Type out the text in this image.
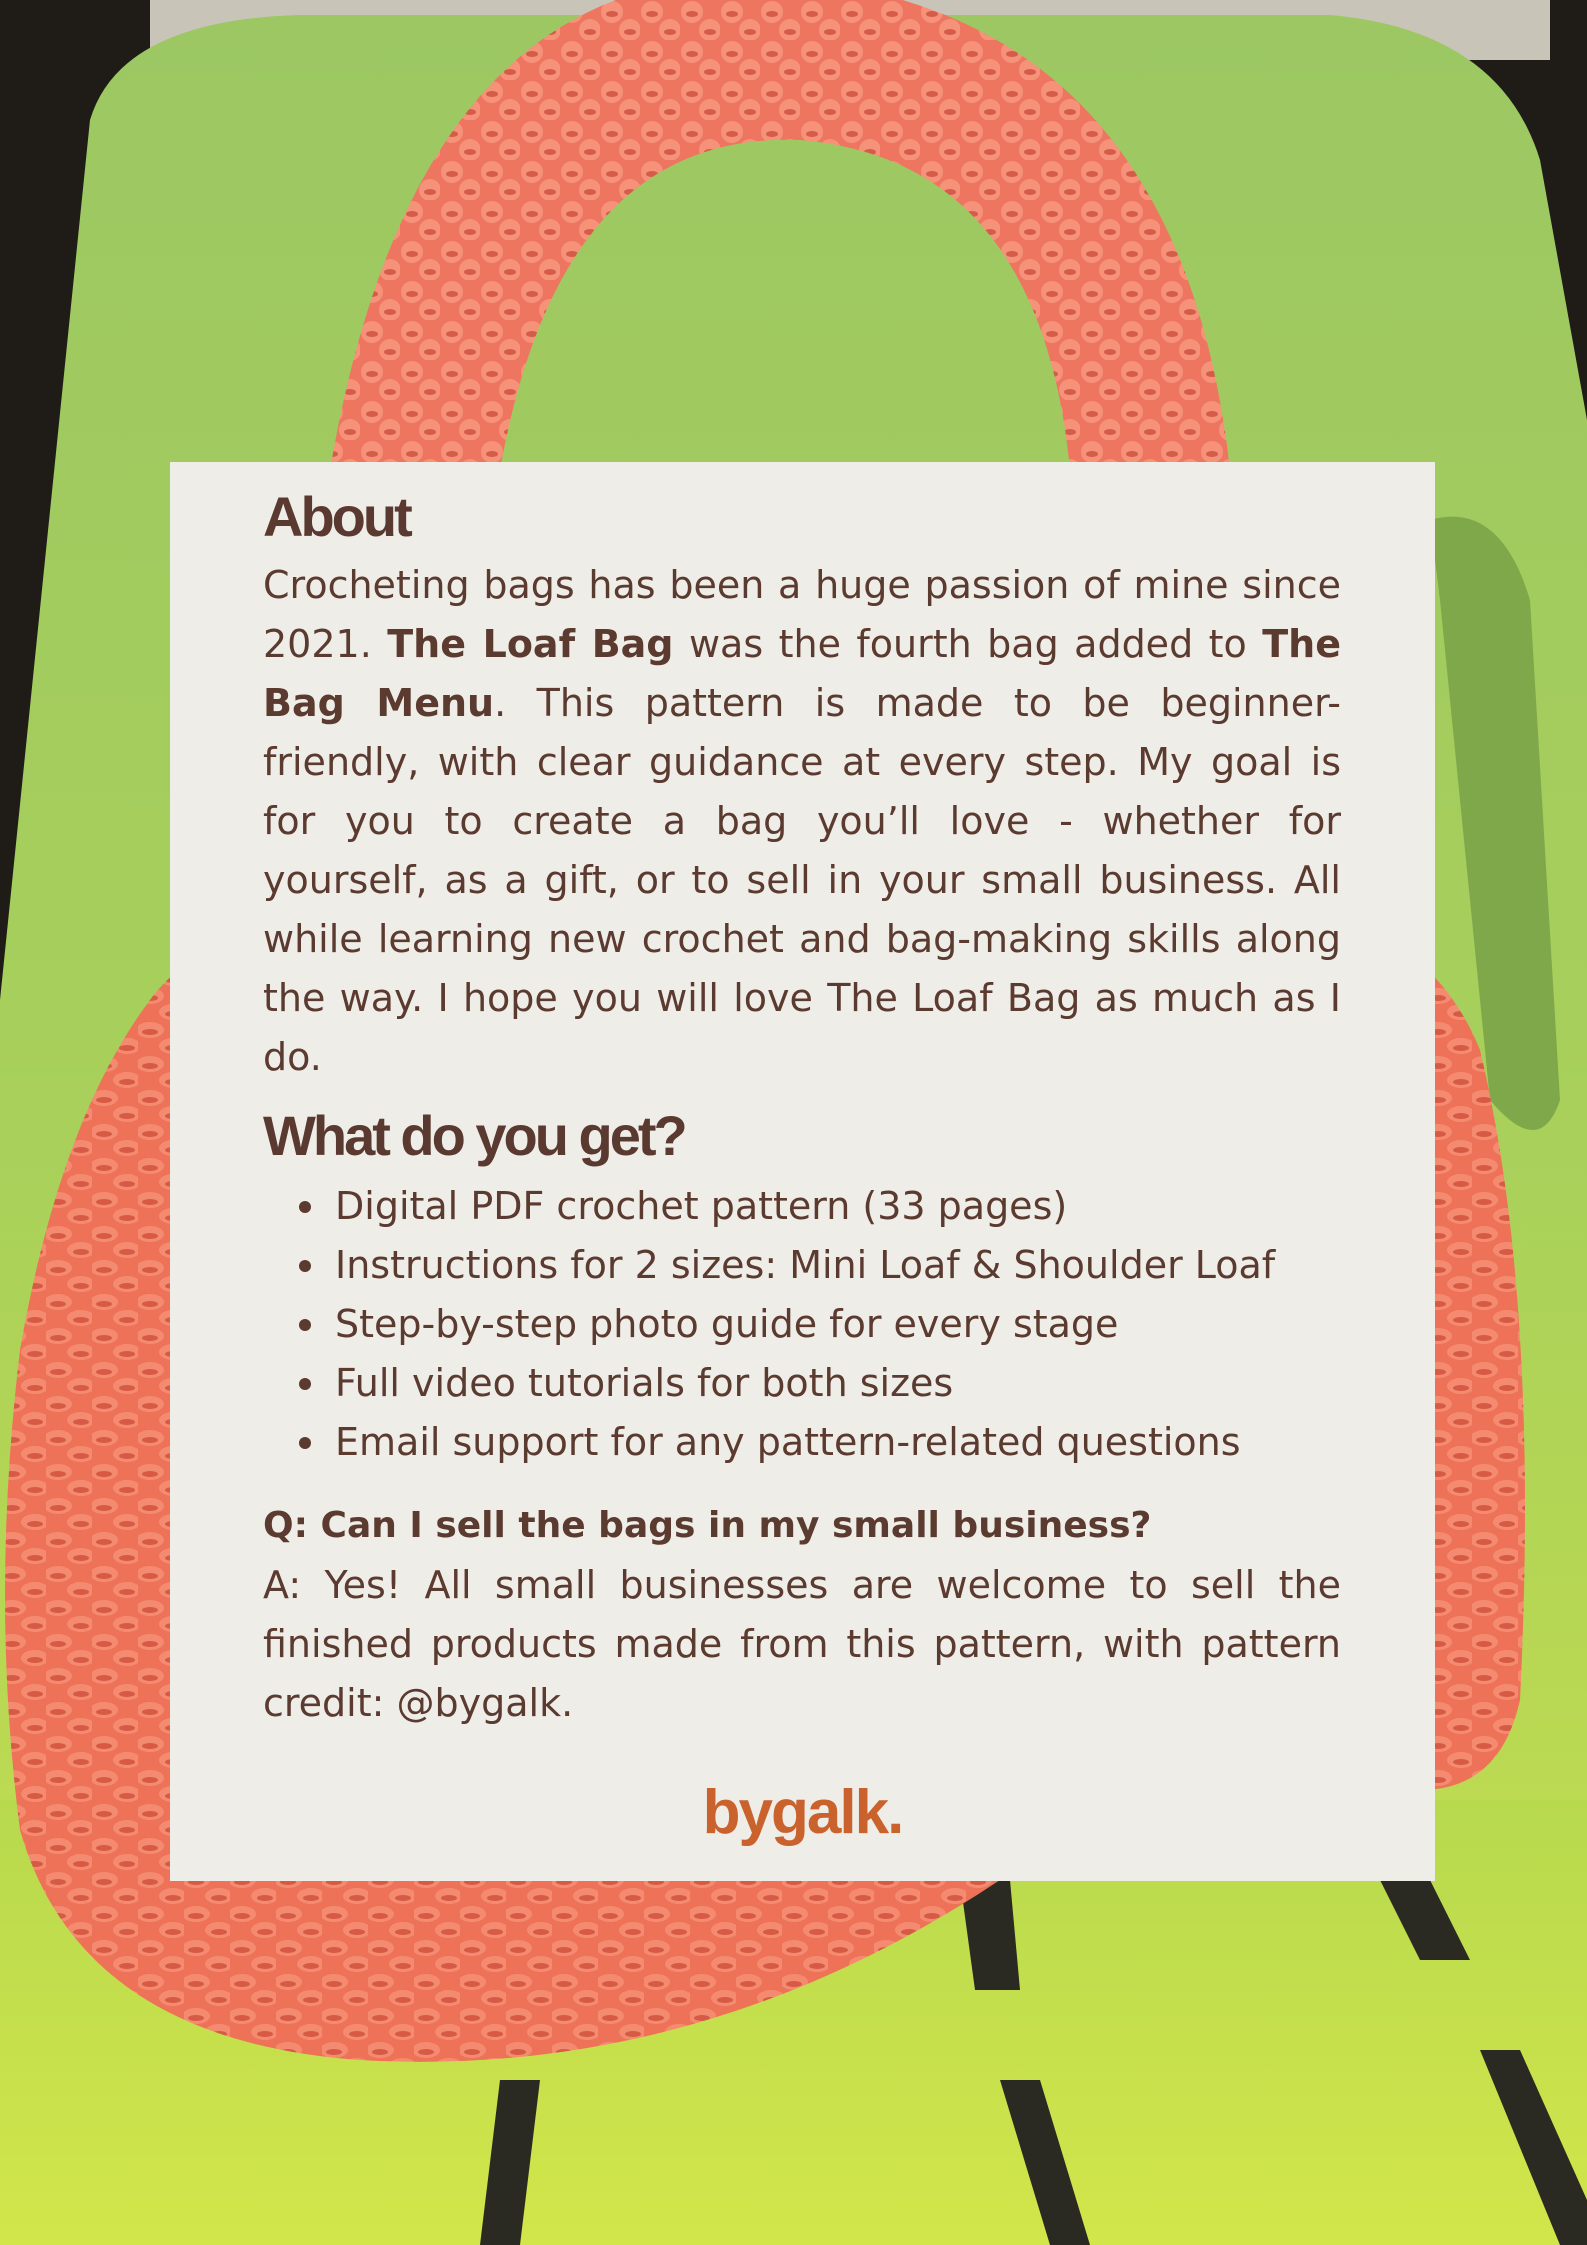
About

Crocheting bags has been a huge passion of mine since 2021. The Loaf Bag was the fourth bag added to The Bag Menu. This pattern is made to be beginner-friendly, with clear guidance at every step. My goal is for you to create a bag you’ll love - whether for yourself, as a gift, or to sell in your small business. All while learning new crochet and bag-making skills along the way. I hope you will love The Loaf Bag as much as I do.

What do you get?
Digital PDF crochet pattern (33 pages)
Instructions for 2 sizes: Mini Loaf & Shoulder Loaf
Step-by-step photo guide for every stage
Full video tutorials for both sizes
Email support for any pattern-related questions

Q: Can I sell the bags in my small business?

A: Yes! All small businesses are welcome to sell the finished products made from this pattern, with pattern credit: @bygalk.

bygalk.
